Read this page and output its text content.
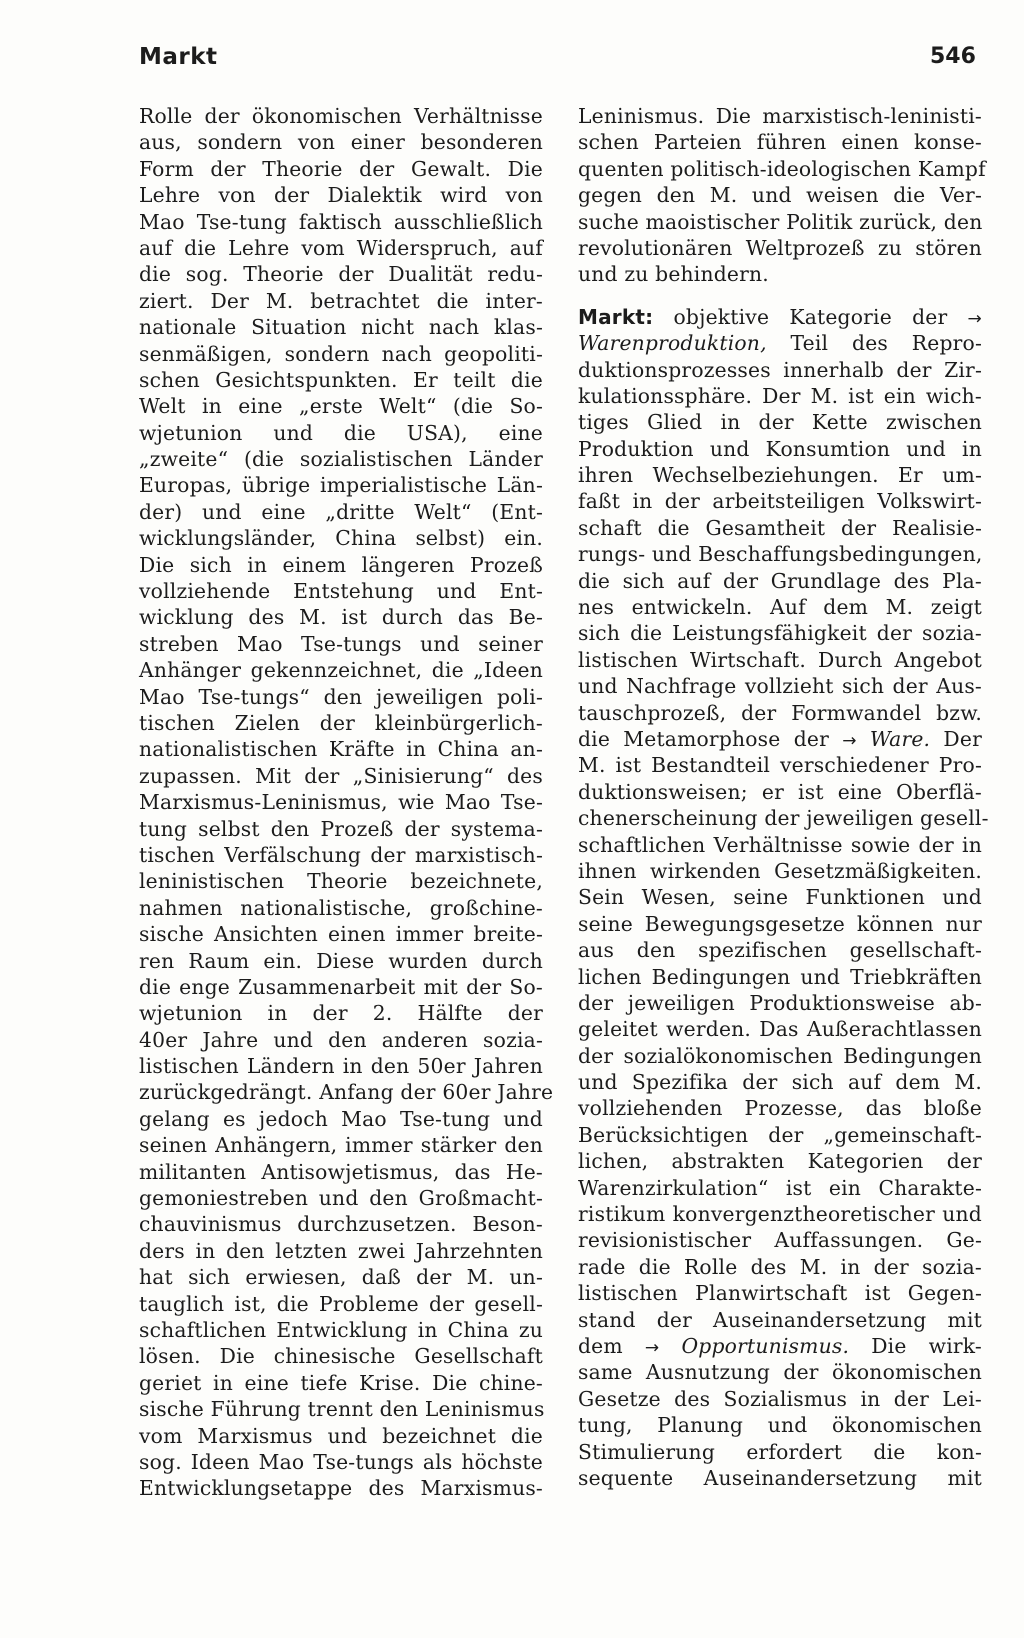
Markt	546
Rolle der ökonomischen Verhältnisse
aus, sondern von einer besonderen
Form der Theorie der Gewalt. Die
Lehre von der Dialektik wird von
Mao Tse-tung faktisch ausschließlich
auf die Lehre vom Widerspruch, auf
die sog. Theorie der Dualität redu-
ziert. Der M. betrachtet die inter-
nationale Situation nicht nach klas-
senmäßigen, sondern nach geopoliti-
schen Gesichtspunkten. Er teilt die
Welt in eine „erste Welt“ (die So-
wjetunion und die USA), eine
„zweite“ (die sozialistischen Länder
Europas, übrige imperialistische Län-
der) und eine „dritte Welt“ (Ent-
wicklungsländer, China selbst) ein.
Die sich in einem längeren Prozeß
vollziehende Entstehung und Ent-
wicklung des M. ist durch das Be-
streben Mao Tse-tungs und seiner
Anhänger gekennzeichnet, die „Ideen
Mao Tse-tungs“ den jeweiligen poli-
tischen Zielen der kleinbürgerlich-
nationalistischen Kräfte in China an-
zupassen. Mit der „Sinisierung“ des
Marxismus-Leninismus, wie Mao Tse-
tung selbst den Prozeß der systema-
tischen Verfälschung der marxistisch-
leninistischen Theorie bezeichnete,
nahmen nationalistische, großchine-
sische Ansichten einen immer breite-
ren Raum ein. Diese wurden durch
die enge Zusammenarbeit mit der So-
wjetunion in der 2. Hälfte der
40er Jahre und den anderen sozia-
listischen Ländern in den 50er Jahren
zurückgedrängt. Anfang der 60er Jahre
gelang es jedoch Mao Tse-tung und
seinen Anhängern, immer stärker den
militanten Antisowjetismus, das He-
gemoniestreben und den Großmacht-
chauvinismus durchzusetzen. Beson-
ders in den letzten zwei Jahrzehnten
hat sich erwiesen, daß der M. un-
tauglich ist, die Probleme der gesell-
schaftlichen Entwicklung in China zu
lösen. Die chinesische Gesellschaft
geriet in eine tiefe Krise. Die chine-
sische Führung trennt den Leninismus
vom Marxismus und bezeichnet die
sog. Ideen Mao Tse-tungs als höchste
Entwicklungsetappe des Marxismus-
Leninismus. Die marxistisch-leninisti-
schen Parteien führen einen konse-
quenten politisch-ideologischen Kampf
gegen den M. und weisen die Ver-
suche maoistischer Politik zurück, den
revolutionären Weltprozeß zu stören
und zu behindern.
Markt: objektive Kategorie der →
Warenproduktion, Teil des Repro-
duktionsprozesses innerhalb der Zir-
kulationssphäre. Der M. ist ein wich-
tiges Glied in der Kette zwischen
Produktion und Konsumtion und in
ihren Wechselbeziehungen. Er um-
faßt in der arbeitsteiligen Volkswirt-
schaft die Gesamtheit der Realisie-
rungs- und Beschaffungsbedingungen,
die sich auf der Grundlage des Pla-
nes entwickeln. Auf dem M. zeigt
sich die Leistungsfähigkeit der sozia-
listischen Wirtschaft. Durch Angebot
und Nachfrage vollzieht sich der Aus-
tauschprozeß, der Formwandel bzw.
die Metamorphose der → Ware. Der
M. ist Bestandteil verschiedener Pro-
duktionsweisen; er ist eine Oberflä-
chenerscheinung der jeweiligen gesell-
schaftlichen Verhältnisse sowie der in
ihnen wirkenden Gesetzmäßigkeiten.
Sein Wesen, seine Funktionen und
seine Bewegungsgesetze können nur
aus den spezifischen gesellschaft-
lichen Bedingungen und Triebkräften
der jeweiligen Produktionsweise ab-
geleitet werden. Das Außerachtlassen
der sozialökonomischen Bedingungen
und Spezifika der sich auf dem M.
vollziehenden Prozesse, das bloße
Berücksichtigen der „gemeinschaft-
lichen, abstrakten Kategorien der
Warenzirkulation“ ist ein Charakte-
ristikum konvergenztheoretischer und
revisionistischer Auffassungen. Ge-
rade die Rolle des M. in der sozia-
listischen Planwirtschaft ist Gegen-
stand der Auseinandersetzung mit
dem → Opportunismus. Die wirk-
same Ausnutzung der ökonomischen
Gesetze des Sozialismus in der Lei-
tung, Planung und ökonomischen
Stimulierung erfordert die kon-
sequente Auseinandersetzung mit
